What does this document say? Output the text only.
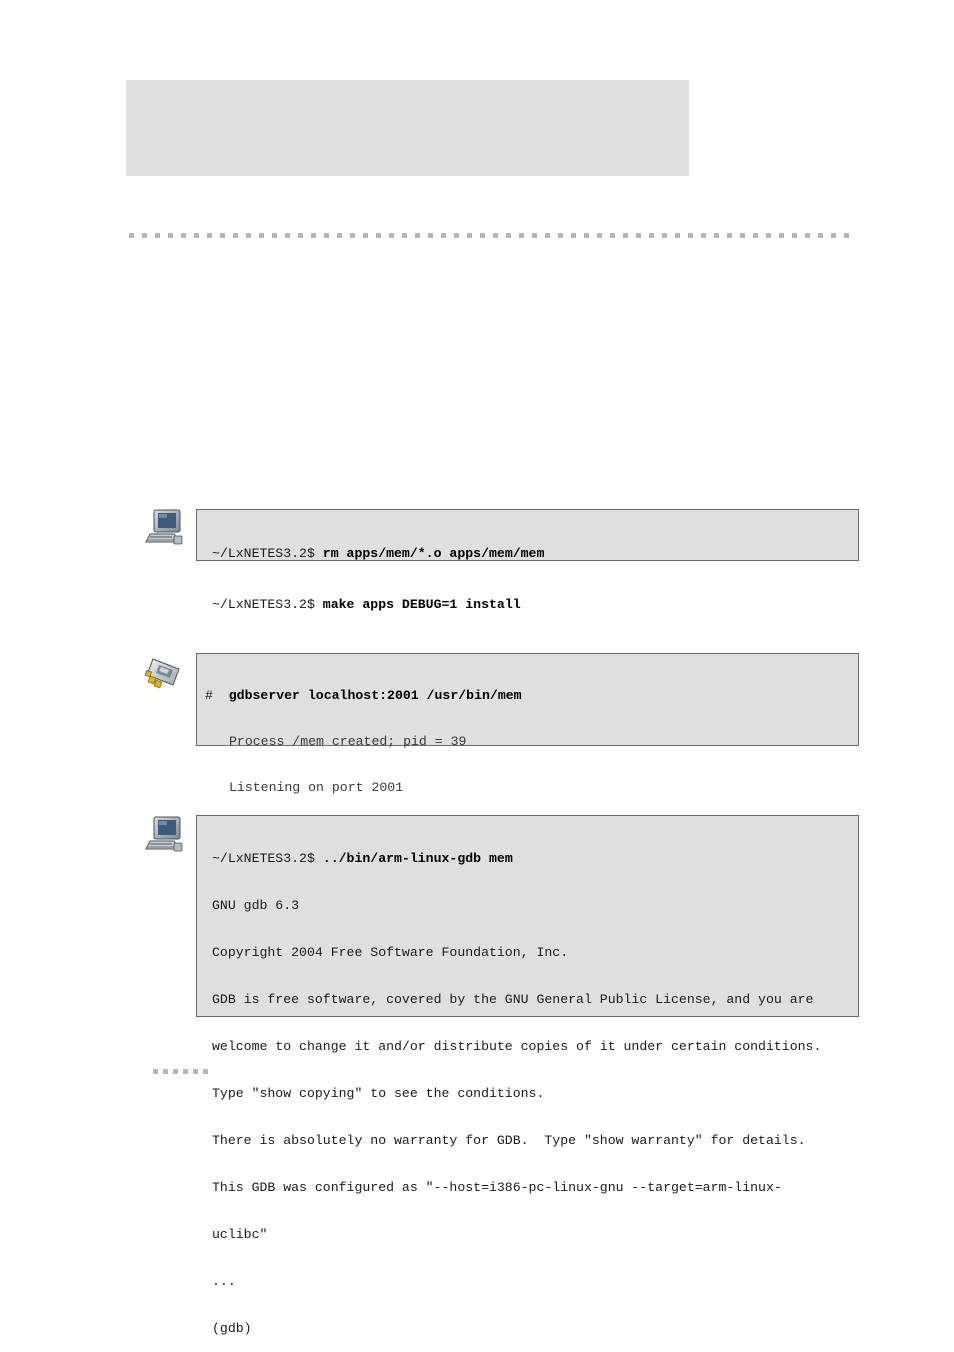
~/LxNETES3.2$ rm apps/mem/*.o apps/mem/mem

~/LxNETES3.2$ make apps DEBUG=1 install

# gdbserver localhost:2001 /usr/bin/mem

Process /mem created; pid = 39

Listening on port 2001

~/LxNETES3.2$ ../bin/arm-linux-gdb mem

GNU gdb 6.3

Copyright 2004 Free Software Foundation, Inc.

GDB is free software, covered by the GNU General Public License, and you are

welcome to change it and/or distribute copies of it under certain conditions.

Type "show copying" to see the conditions.

There is absolutely no warranty for GDB.  Type "show warranty" for details.

This GDB was configured as "--host=i386-pc-linux-gnu --target=arm-linux-

uclibc"

...

(gdb)
